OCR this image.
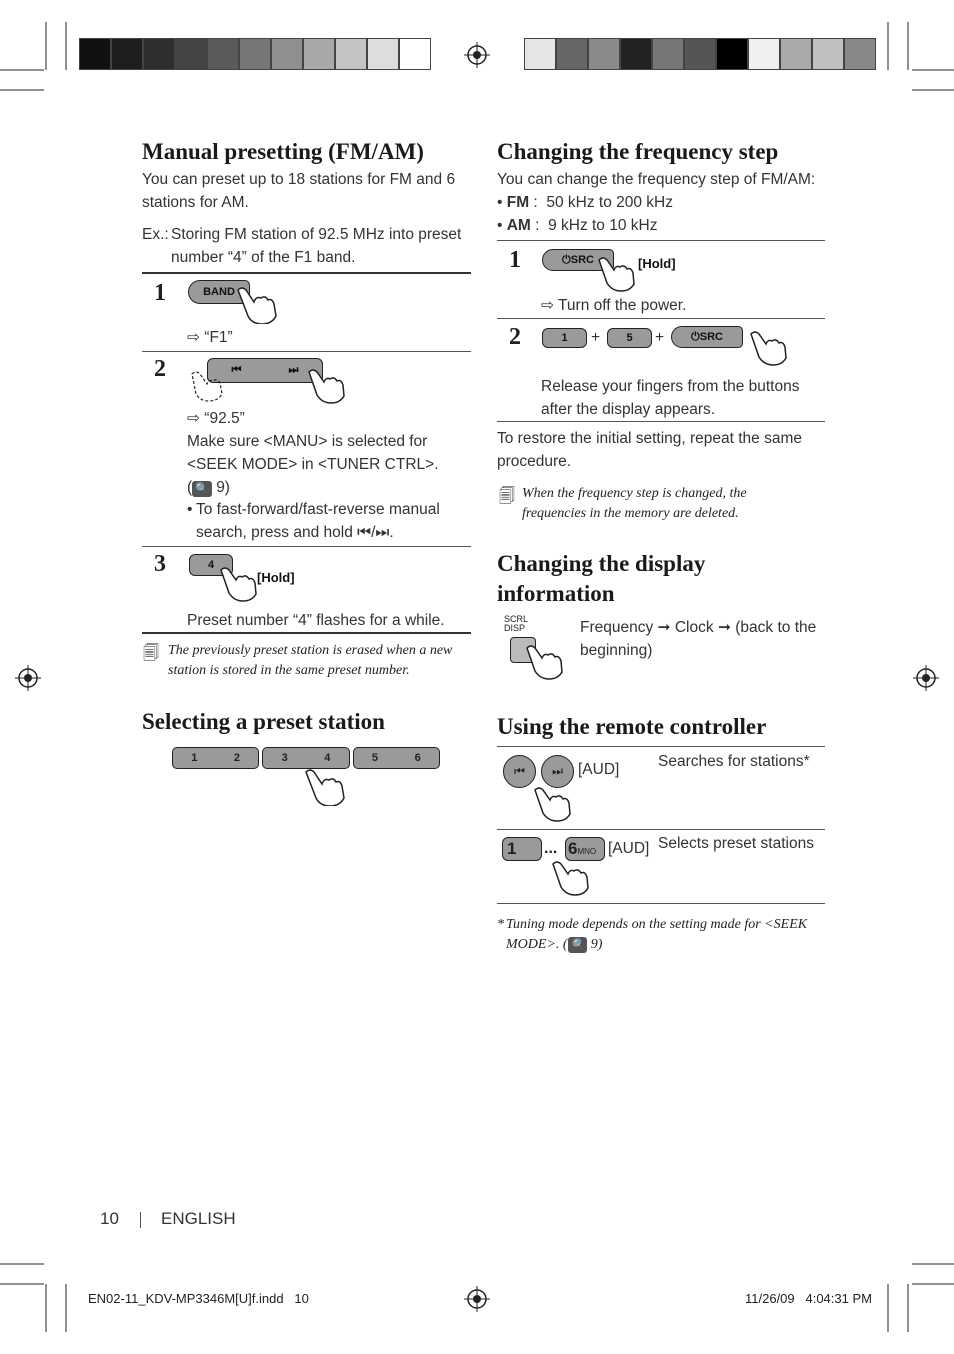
Manual presetting (FM/AM)
You can preset up to 18 stations for FM and 6 stations for AM.
Ex.: Storing FM station of 92.5 MHz into preset number “4” of the F1 band.
1	BAND
⇨ “F1”
2	⏮	⏭
⇨ “92.5”
Make sure <MANU> is selected for <SEEK MODE> in <TUNER CTRL>.
( 🔍 9)
• To fast-forward/fast-reverse manual search, press and hold ⏮/⏭.
3	4
[Hold]
Preset number “4” flashes for a while.
🗐 The previously preset station is erased when a new station is stored in the same preset number.
Selecting a preset station
1	2	3	4	5	6
Changing the frequency step
You can change the frequency step of FM/AM:
• FM :  50 kHz to 200 kHz
• AM :  9 kHz to 10 kHz
1	⏻ SRC	[Hold]
⇨ Turn off the power.
2	1	+	5	+ ⏻ SRC
Release your fingers from the buttons after the display appears.
To restore the initial setting, repeat the same procedure.
🗐 When the frequency step is changed, the frequencies in the memory are deleted.
Changing the display
information
SCRL
DISP	Frequency ➞ Clock ➞ (back to the beginning)
Using the remote controller
⏮ ⏭ [AUD] Searches for stations*
1	... 6MNO [AUD] Selects preset stations
* Tuning mode depends on the setting made for <SEEK MODE>. ( 🔍 9)
10 ENGLISH
EN02-11_KDV-MP3346M[U]f.indd   10	11/26/09   4:04:31 PM
